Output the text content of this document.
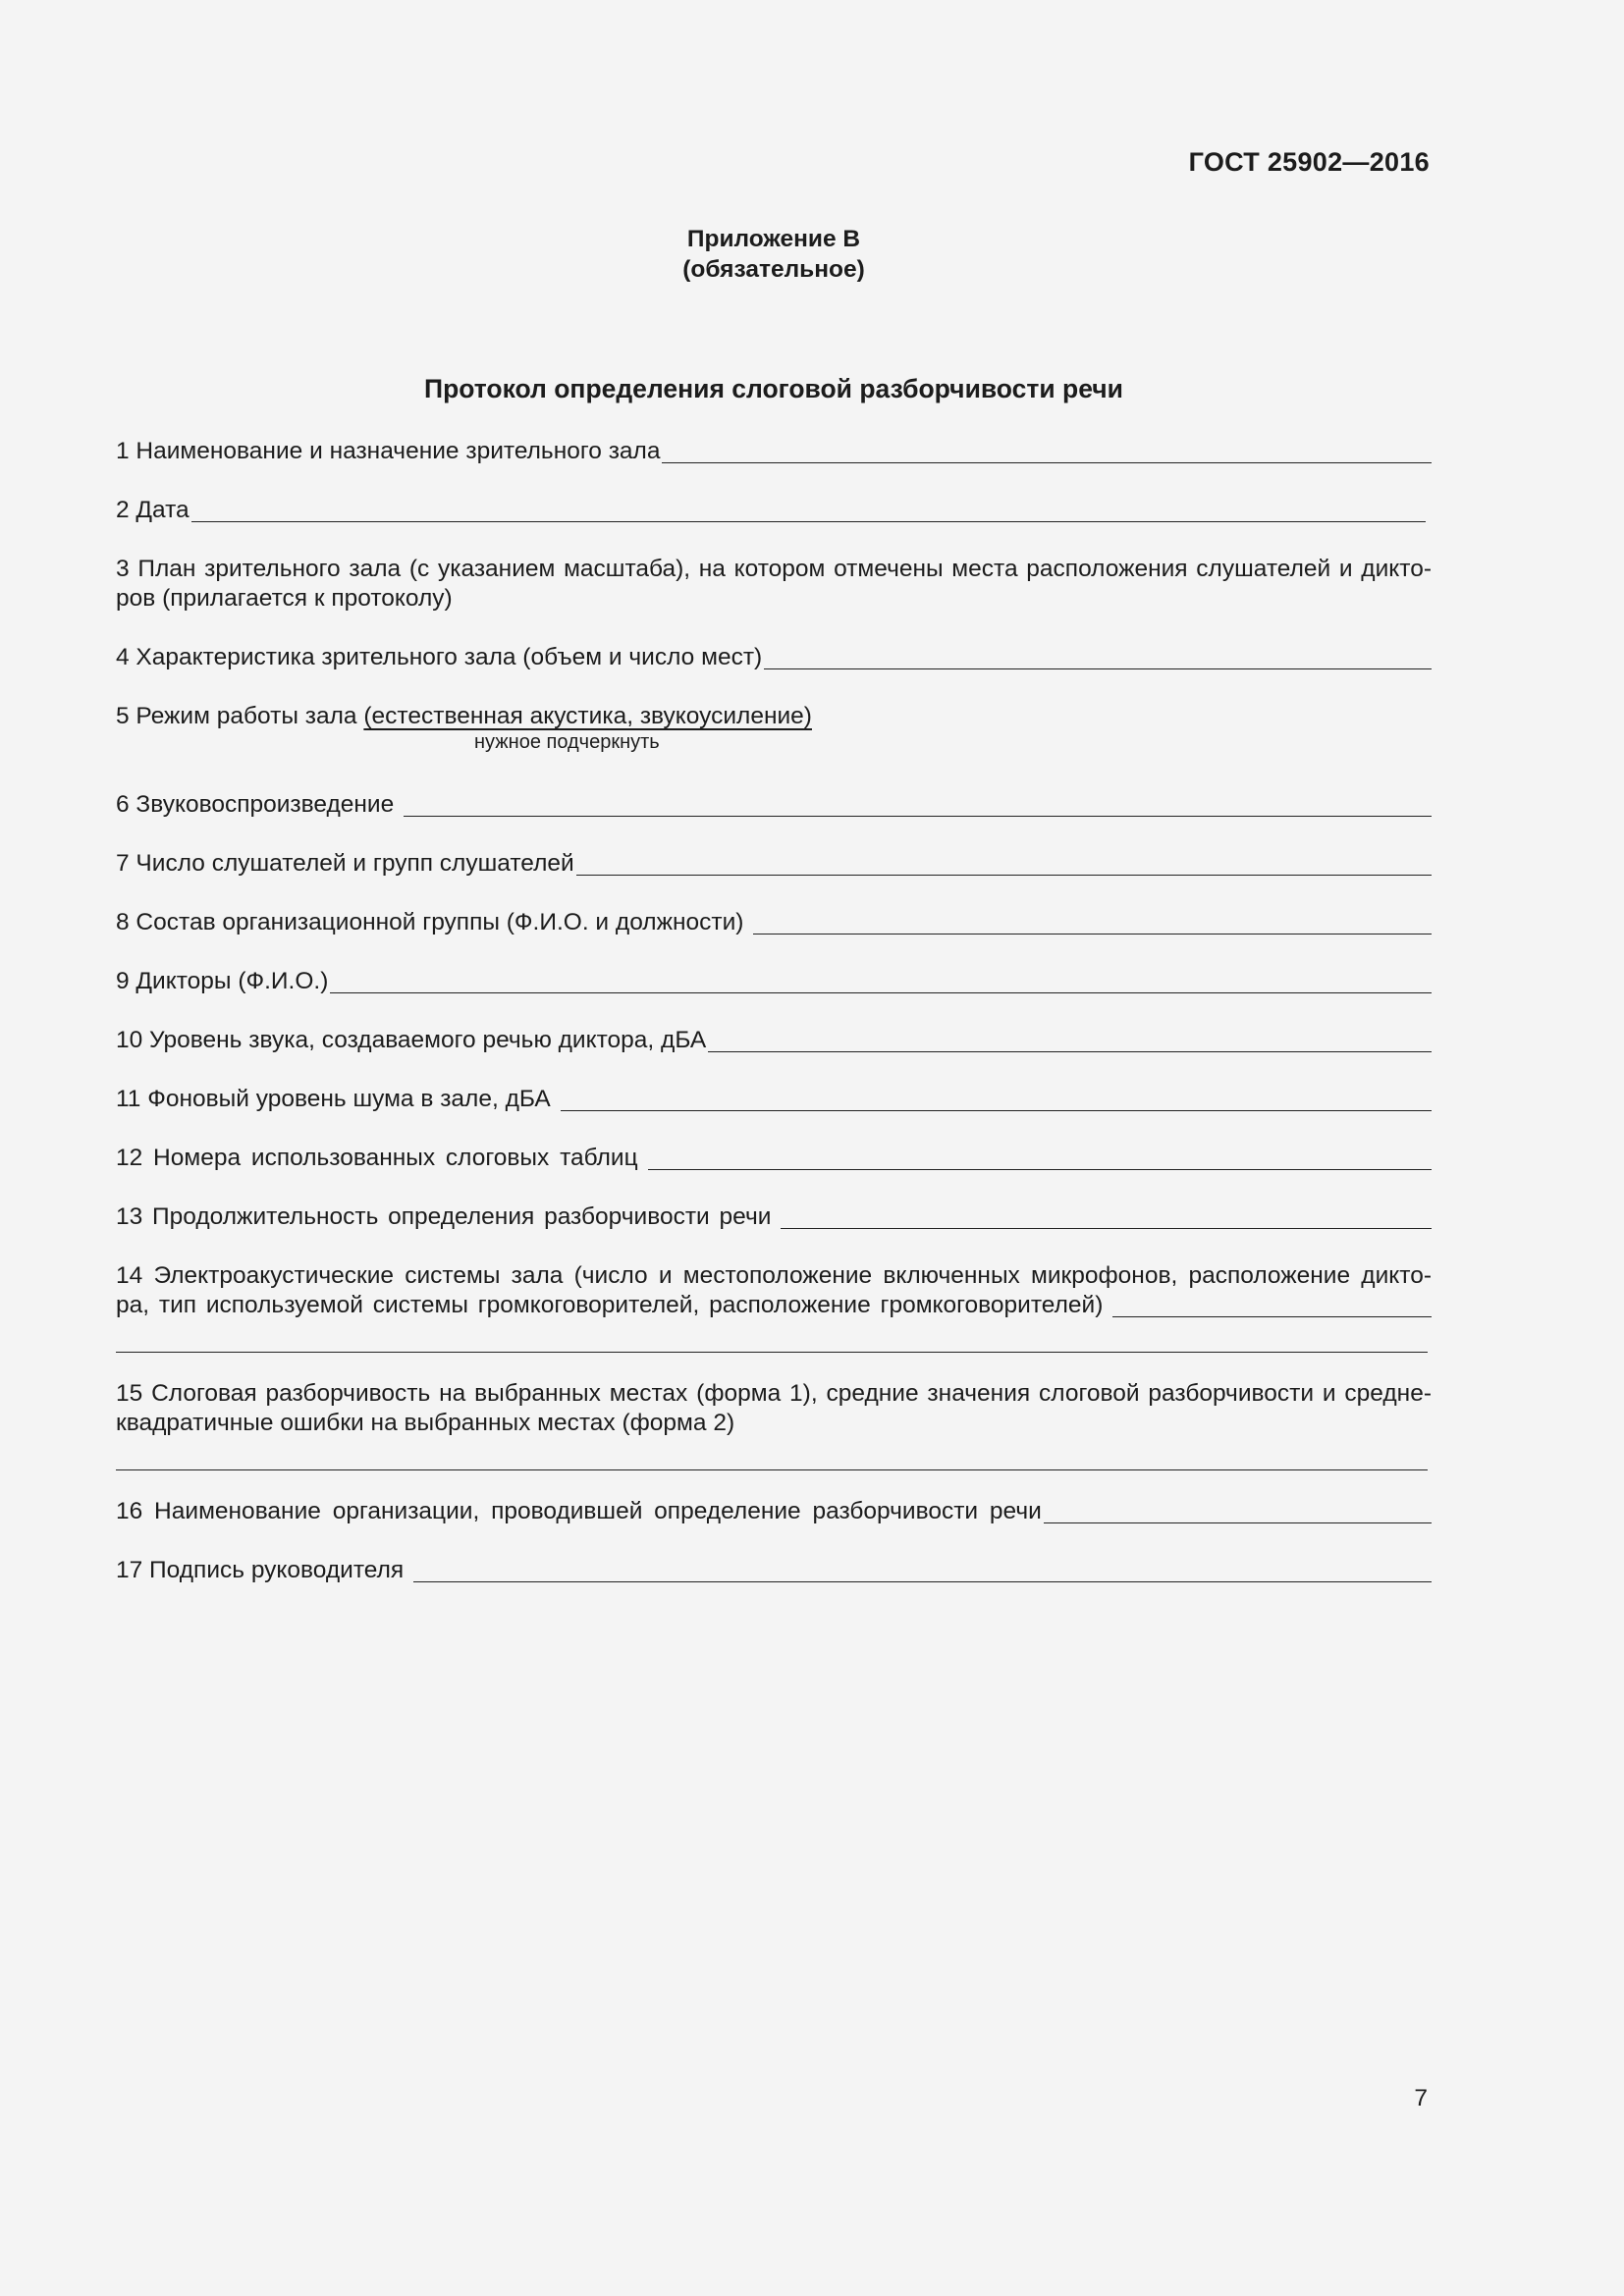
ГОСТ 25902—2016
Приложение В
(обязательное)
Протокол определения слоговой разборчивости речи
1 Наименование и назначение зрительного зала
2 Дата
3 План зрительного зала (с указанием масштаба), на котором отмечены места расположения слушателей и дикто-
ров (прилагается к протоколу)
4 Характеристика зрительного зала (объем и число мест)
5 Режим работы зала (естественная акустика, звукоусиление)
нужное подчеркнуть
6 Звуковоспроизведение
7 Число слушателей и групп слушателей
8 Состав организационной группы (Ф.И.О. и должности)
9 Дикторы (Ф.И.О.)
10 Уровень звука, создаваемого речью диктора, дБА
11 Фоновый уровень шума в зале, дБА
12 Номера использованных слоговых таблиц
13 Продолжительность определения разборчивости речи
14 Электроакустические системы зала (число и местоположение включенных микрофонов, расположение дикто-
ра, тип используемой системы громкоговорителей, расположение громкоговорителей)
15 Слоговая разборчивость на выбранных местах (форма 1), средние значения слоговой разборчивости и средне-
квадратичные ошибки на выбранных местах (форма 2)
16 Наименование организации, проводившей определение разборчивости речи
17 Подпись руководителя
7
